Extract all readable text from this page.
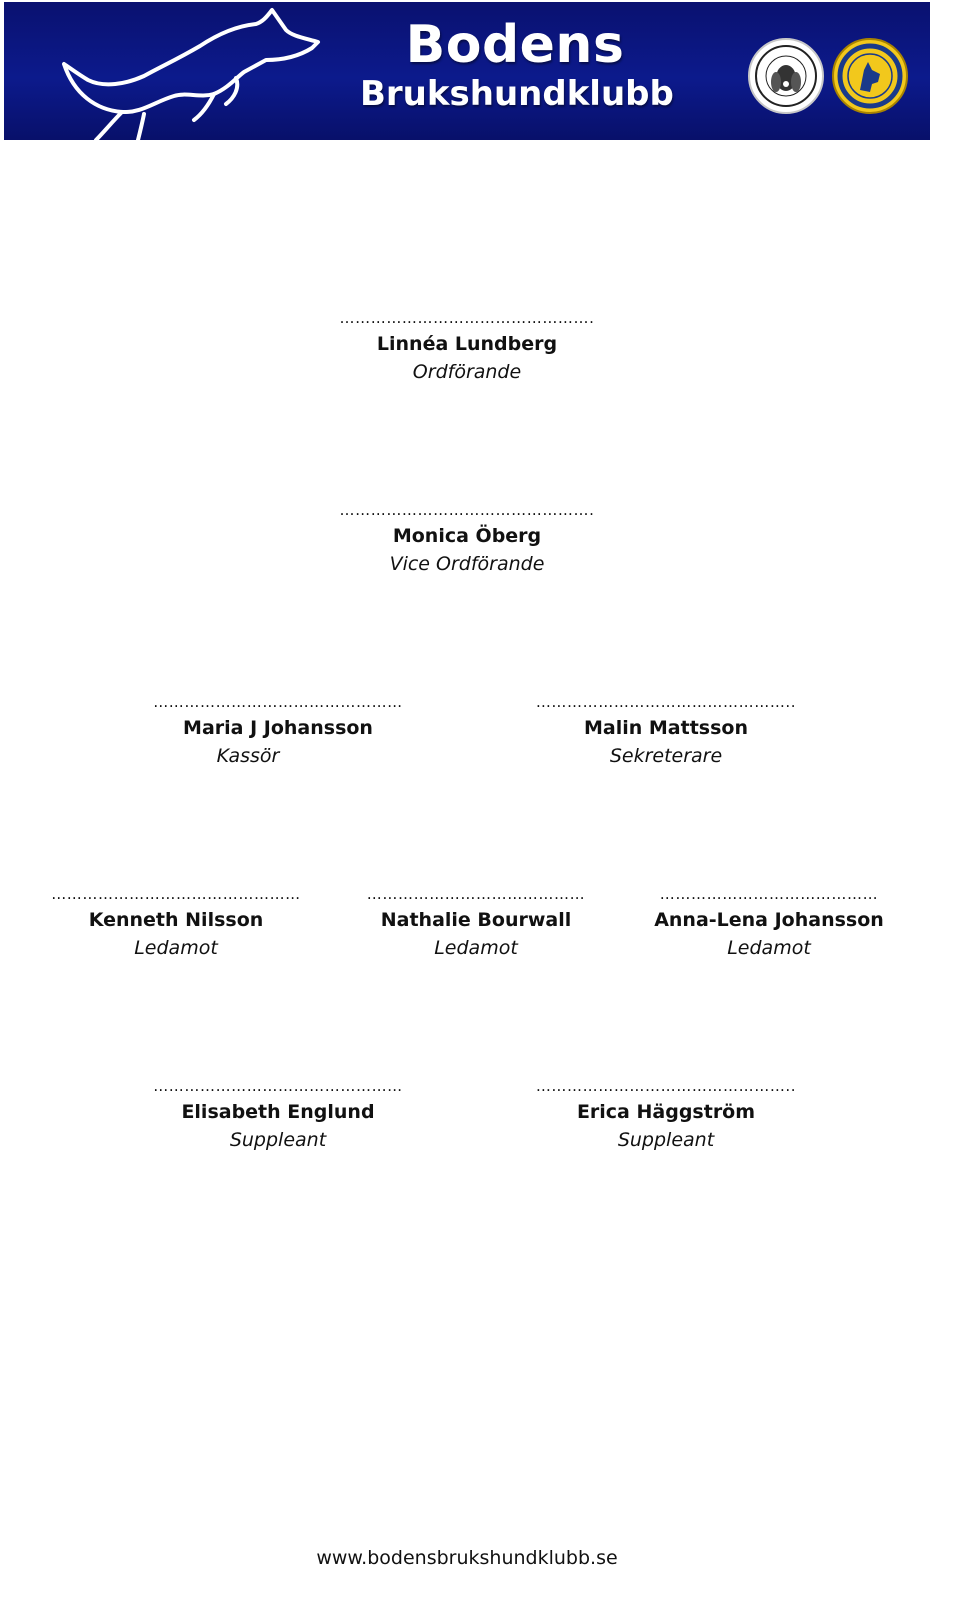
Bodens
Brukshundklubb
………………………………………….
Linnéa Lundberg
Ordförande
………………………………………….
Monica Öberg
Vice Ordförande
…………………………………………
Maria J Johansson
Kassör
…………………………………………..
Malin Mattsson
Sekreterare
…………………………………………
Kenneth Nilsson
Ledamot
……………………………………
Nathalie Bourwall
Ledamot
……………………………………
Anna-Lena Johansson
Ledamot
…………………………………………
Elisabeth Englund
Suppleant
…………………………………………..
Erica Häggström
Suppleant
www.bodensbrukshundklubb.se
